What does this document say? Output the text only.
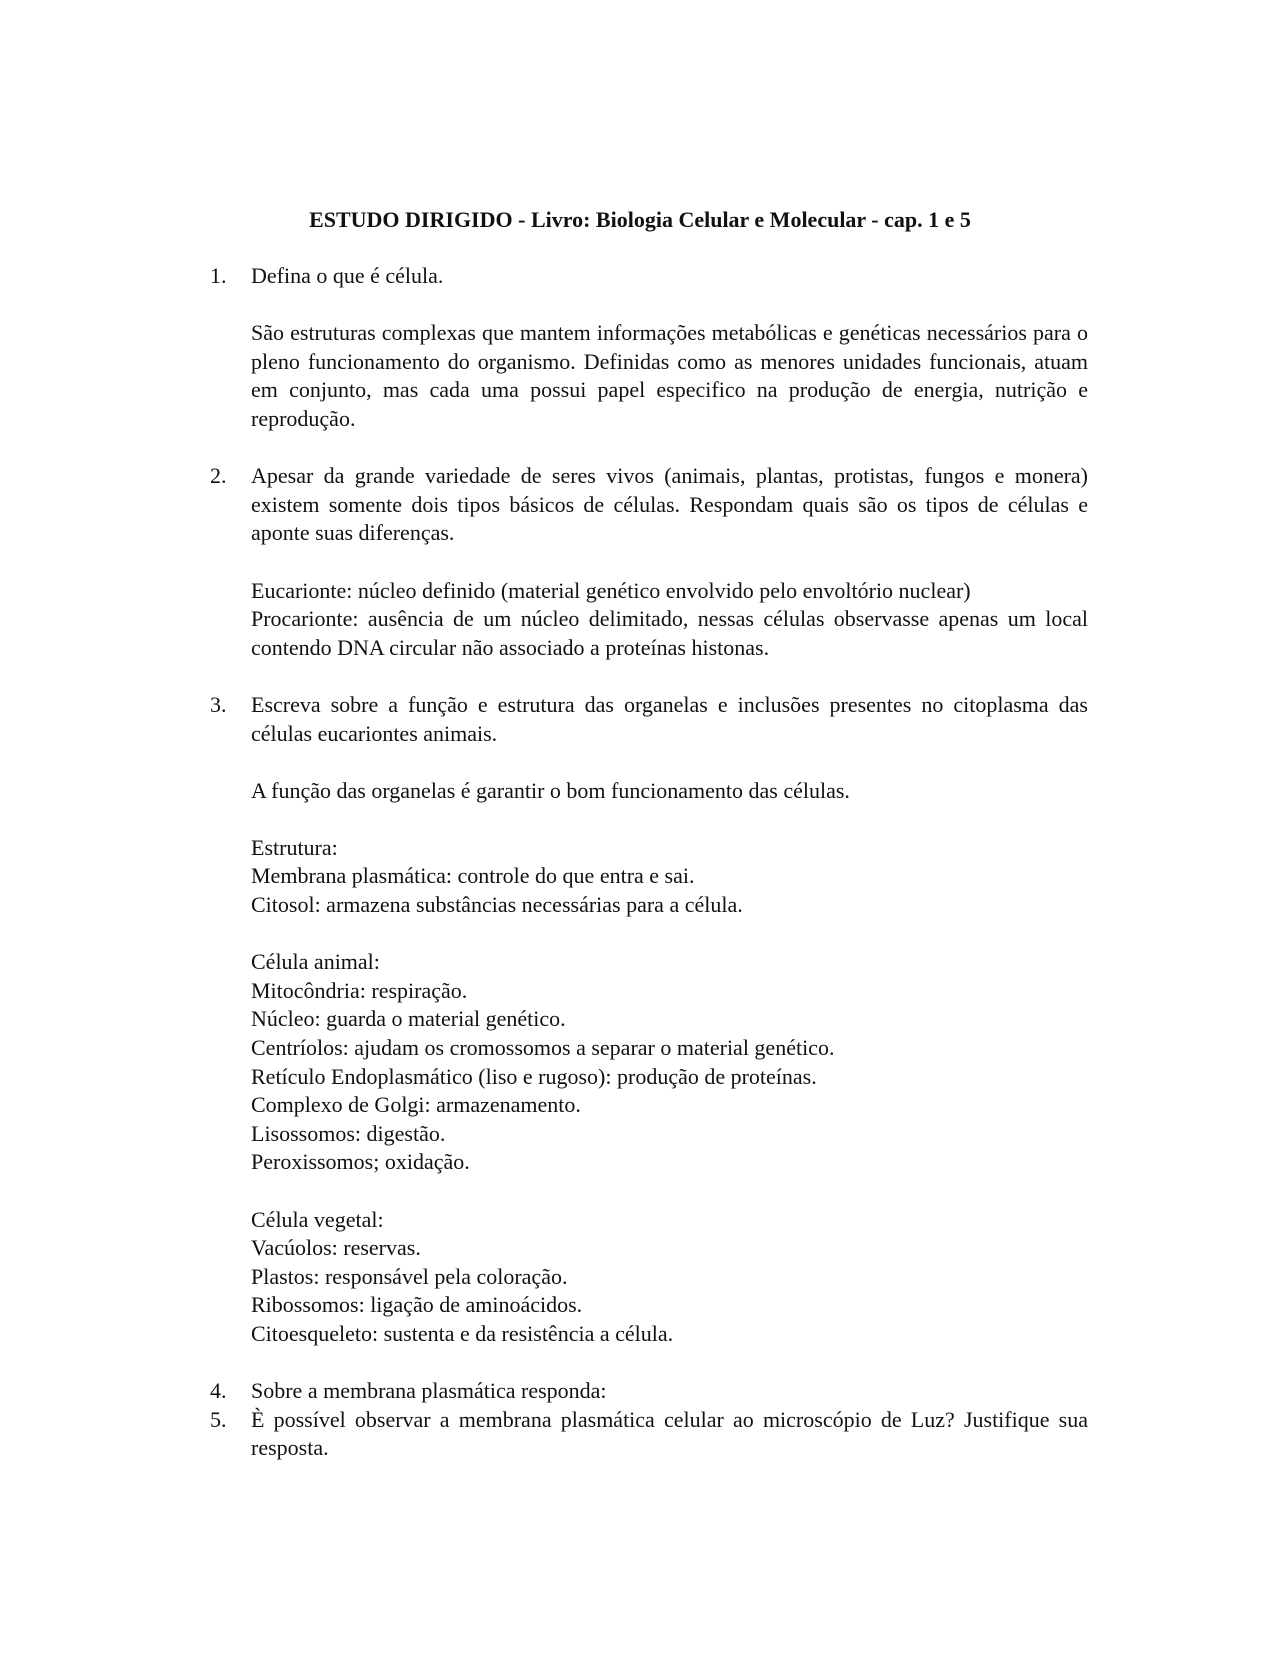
ESTUDO DIRIGIDO - Livro: Biologia Celular e Molecular - cap. 1 e 5
1.	Defina o que é célula.
São estruturas complexas que mantem informações metabólicas e genéticas necessários para o pleno funcionamento do organismo. Definidas como as menores unidades funcionais, atuam em conjunto, mas cada uma possui papel especifico na produção de energia, nutrição e reprodução.
2.	Apesar da grande variedade de seres vivos (animais, plantas, protistas, fungos e monera) existem somente dois tipos básicos de células. Respondam quais são os tipos de células e aponte suas diferenças.
Eucarionte: núcleo definido (material genético envolvido pelo envoltório nuclear)
Procarionte: ausência de um núcleo delimitado, nessas células observasse apenas um local contendo DNA circular não associado a proteínas histonas.
3.	Escreva sobre a função e estrutura das organelas e inclusões presentes no citoplasma das células eucariontes animais.
A função das organelas é garantir o bom funcionamento das células.
Estrutura:
Membrana plasmática: controle do que entra e sai.
Citosol: armazena substâncias necessárias para a célula.
Célula animal:
Mitocôndria: respiração.
Núcleo: guarda o material genético.
Centríolos: ajudam os cromossomos a separar o material genético.
Retículo Endoplasmático (liso e rugoso): produção de proteínas.
Complexo de Golgi: armazenamento.
Lisossomos: digestão.
Peroxissomos; oxidação.
Célula vegetal:
Vacúolos: reservas.
Plastos: responsável pela coloração.
Ribossomos: ligação de aminoácidos.
Citoesqueleto: sustenta e da resistência a célula.
4.	Sobre a membrana plasmática responda:
5.	È possível observar a membrana plasmática celular ao microscópio de Luz? Justifique sua resposta.
